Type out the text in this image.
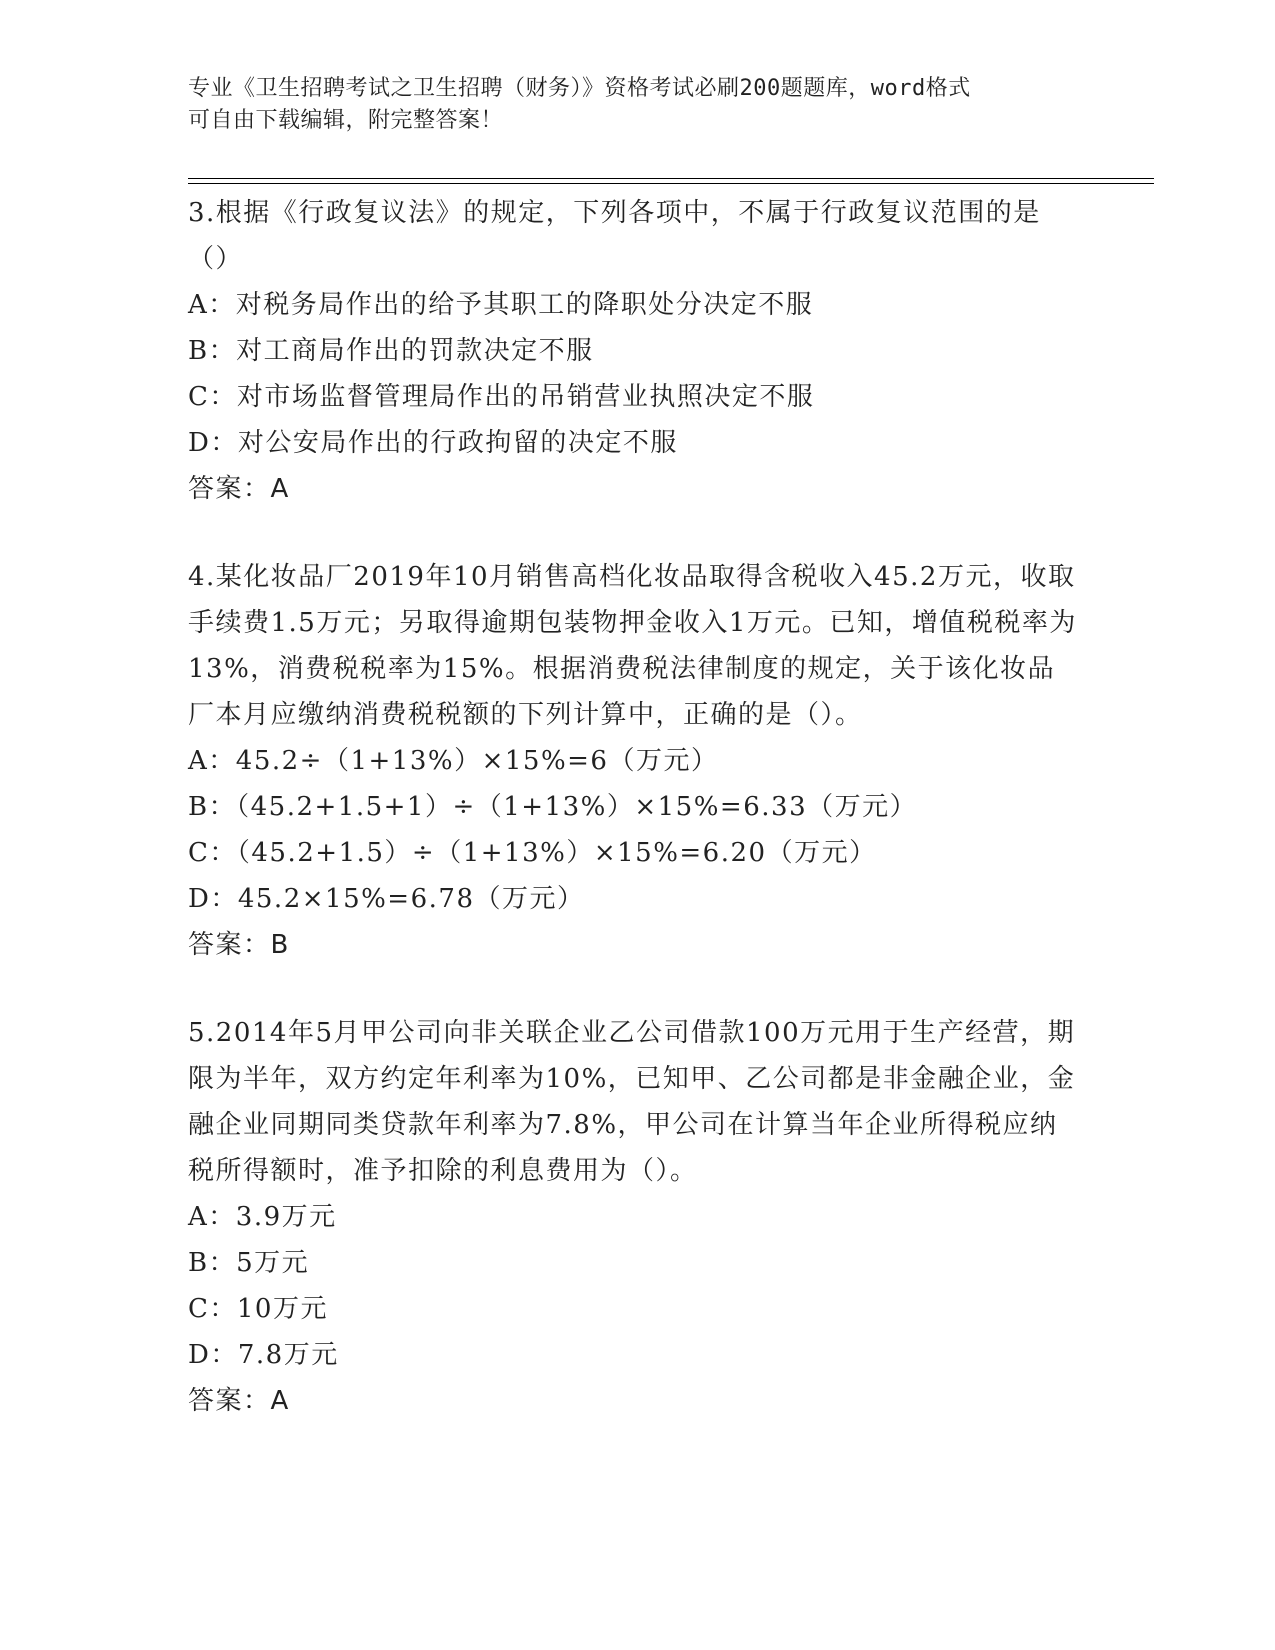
专业《卫生招聘考试之卫生招聘（财务）》资格考试必刷200题题库，word格式
可自由下载编辑，附完整答案！
3.根据《行政复议法》的规定，下列各项中，不属于行政复议范围的是（）
A：对税务局作出的给予其职工的降职处分决定不服
B：对工商局作出的罚款决定不服
C：对市场监督管理局作出的吊销营业执照决定不服
D：对公安局作出的行政拘留的决定不服
答案：A
4.某化妆品厂2019年10月销售高档化妆品取得含税收入45.2万元，收取手续费1.5万元；另取得逾期包装物押金收入1万元。已知，增值税税率为13%，消费税税率为15%。根据消费税法律制度的规定，关于该化妆品厂本月应缴纳消费税税额的下列计算中，正确的是（）。
A：45.2÷（1+13%）×15%=6（万元）
B：（45.2+1.5+1）÷（1+13%）×15%=6.33（万元）
C：（45.2+1.5）÷（1+13%）×15%=6.20（万元）
D：45.2×15%=6.78（万元）
答案：B
5.2014年5月甲公司向非关联企业乙公司借款100万元用于生产经营，期限为半年，双方约定年利率为10%，已知甲、乙公司都是非金融企业，金融企业同期同类贷款年利率为7.8%，甲公司在计算当年企业所得税应纳税所得额时，准予扣除的利息费用为（）。
A：3.9万元
B：5万元
C：10万元
D：7.8万元
答案：A
